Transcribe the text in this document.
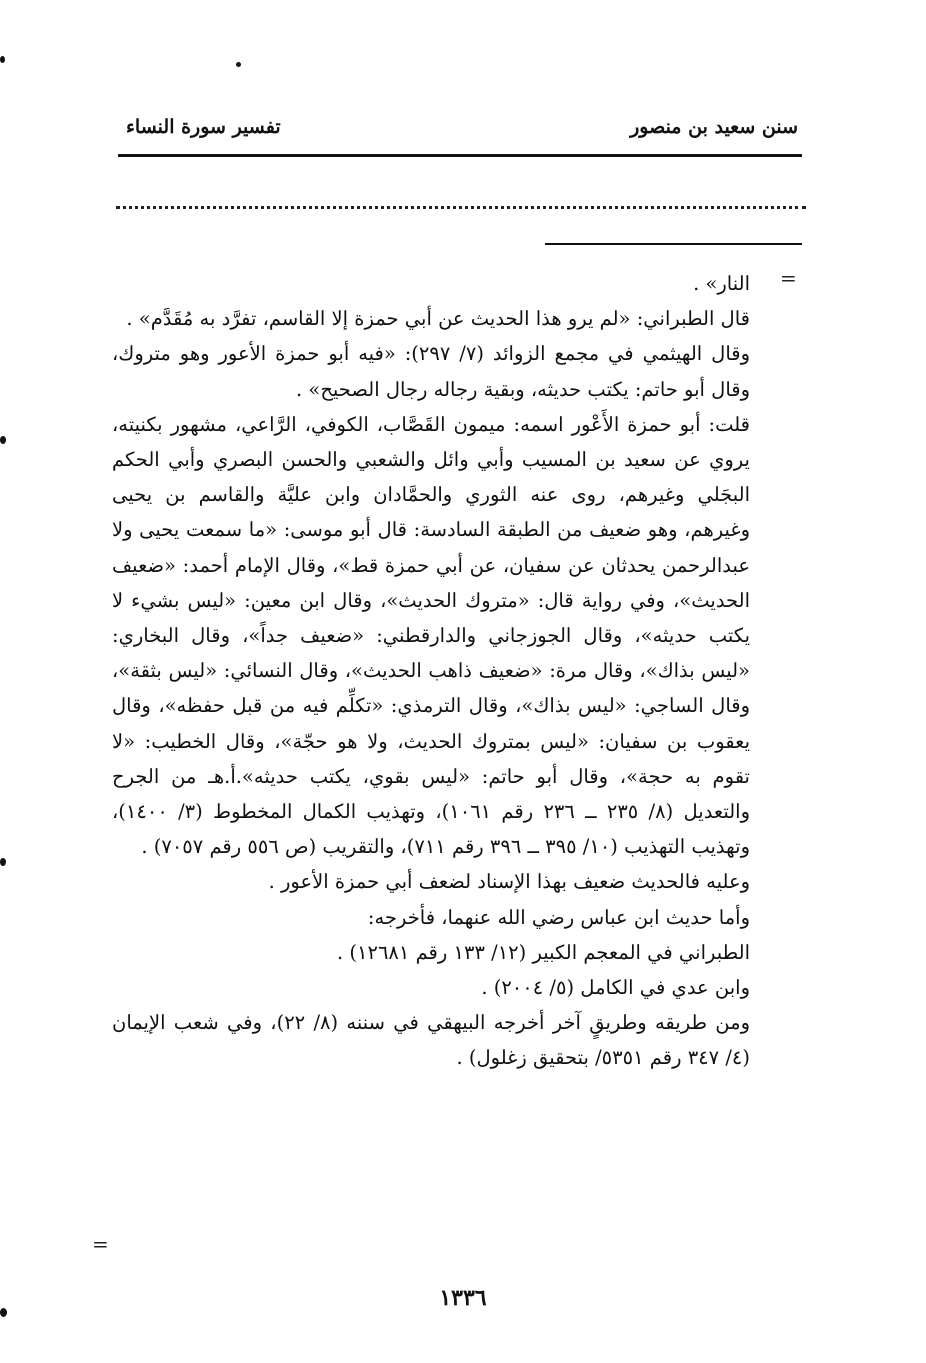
سنن سعيد بن منصور
تفسير سورة النساء
=

النار» .

قال الطبراني: «لم يرو هذا الحديث عن أبي حمزة إلا القاسم، تفرَّد به مُقَدَّم» .

وقال الهيثمي في مجمع الزوائد (٧/ ٢٩٧): «فيه أبو حمزة الأعور وهو متروك، وقال أبو حاتم: يكتب حديثه، وبقية رجاله رجال الصحيح» .

قلت: أبو حمزة الأَعْور اسمه: ميمون القَصَّاب، الكوفي، الرَّاعي، مشهور بكنيته، يروي عن سعيد بن المسيب وأبي وائل والشعبي والحسن البصري وأبي الحكم البجَلي وغيرهم، روى عنه الثوري والحمَّادان وابن عليَّة والقاسم بن يحيى وغيرهم، وهو ضعيف من الطبقة السادسة: قال أبو موسى: «ما سمعت يحيى ولا عبدالرحمن يحدثان عن سفيان، عن أبي حمزة قط»، وقال الإمام أحمد: «ضعيف الحديث»، وفي رواية قال: «متروك الحديث»، وقال ابن معين: «ليس بشيء لا يكتب حديثه»، وقال الجوزجاني والدارقطني: «ضعيف جداً»، وقال البخاري: «ليس بذاك»، وقال مرة: «ضعيف ذاهب الحديث»، وقال النسائي: «ليس بثقة»، وقال الساجي: «ليس بذاك»، وقال الترمذي: «تكلِّم فيه من قبل حفظه»، وقال يعقوب بن سفيان: «ليس بمتروك الحديث، ولا هو حجّة»، وقال الخطيب: «لا تقوم به حجة»، وقال أبو حاتم: «ليس بقوي، يكتب حديثه».أ.هـ من الجرح والتعديل (٨/ ٢٣٥ ــ ٢٣٦ رقم ١٠٦١)، وتهذيب الكمال المخطوط (٣/ ١٤٠٠)، وتهذيب التهذيب (١٠/ ٣٩٥ ــ ٣٩٦ رقم ٧١١)، والتقريب (ص ٥٥٦ رقم ٧٠٥٧) .

وعليه فالحديث ضعيف بهذا الإسناد لضعف أبي حمزة الأعور .

وأما حديث ابن عباس رضي الله عنهما، فأخرجه:

الطبراني في المعجم الكبير (١٢/ ١٣٣ رقم ١٢٦٨١) .

وابن عدي في الكامل (٥/ ٢٠٠٤) .

ومن طريقه وطريقٍ آخر أخرجه البيهقي في سننه (٨/ ٢٢)، وفي شعب الإيمان (٤/ ٣٤٧ رقم ٥٣٥١/ بتحقيق زغلول) .

=
١٣٣٦
